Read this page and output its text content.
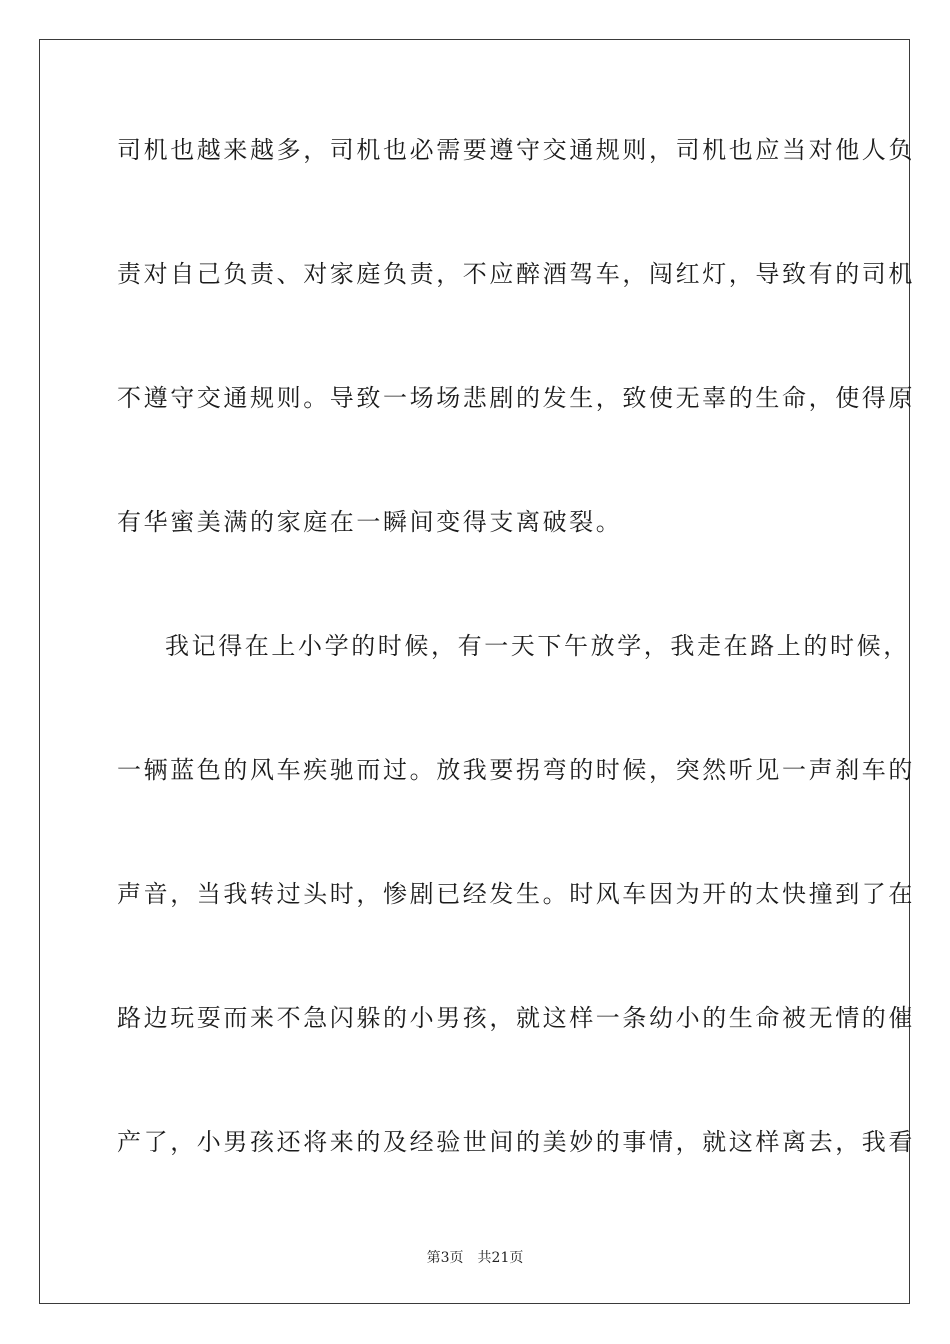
司机也越来越多，司机也必需要遵守交通规则，司机也应当对他人负
责对自己负责、对家庭负责，不应醉酒驾车，闯红灯，导致有的司机
不遵守交通规则。导致一场场悲剧的发生，致使无辜的生命，使得原
有华蜜美满的家庭在一瞬间变得支离破裂。
我记得在上小学的时候，有一天下午放学，我走在路上的时候，
一辆蓝色的风车疾驰而过。放我要拐弯的时候，突然听见一声刹车的
声音，当我转过头时，惨剧已经发生。时风车因为开的太快撞到了在
路边玩耍而来不急闪躲的小男孩，就这样一条幼小的生命被无情的催
产了，小男孩还将来的及经验世间的美妙的事情，就这样离去，我看
第3页 共21页
